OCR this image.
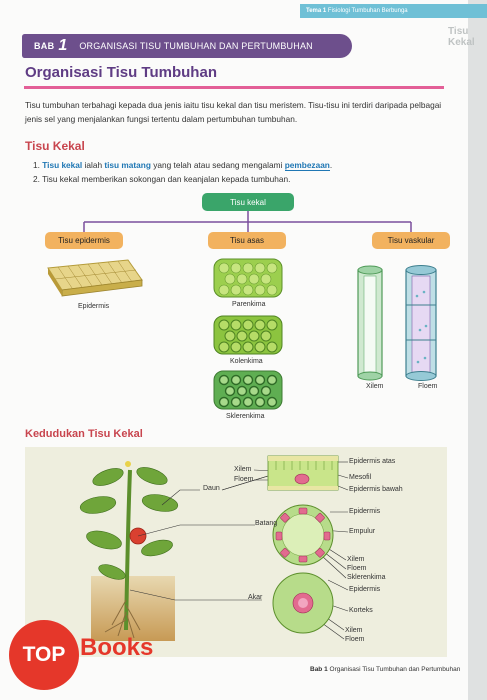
Tema 1 Fisiologi Tumbuhan Berbunga
Tisu Kekal
BAB 1 ORGANISASI TISU TUMBUHAN DAN PERTUMBUHAN
Organisasi Tisu Tumbuhan
Tisu tumbuhan terbahagi kepada dua jenis iaitu tisu kekal dan tisu meristem. Tisu-tisu ini terdiri daripada pelbagai jenis sel yang menjalankan fungsi tertentu dalam pertumbuhan tumbuhan.
Tisu Kekal
1. Tisu kekal ialah tisu matang yang telah atau sedang mengalami pembezaan.
2. Tisu kekal memberikan sokongan dan keanjalan kepada tumbuhan.
Tisu kekal
Tisu epidermis	Tisu asas	Tisu vaskular
Epidermis	Parenkima
Kolenkima
Sklerenkima
Xilem	Floem
Kedudukan Tisu Kekal
Daun
Batang
Akar
Xilem
Floem
Epidermis atas
Mesofil
Epidermis bawah
Epidermis
Empulur
Xilem
Floem
Sklerenkima
Epidermis
Korteks
Xilem
Floem
Bab 1 Organisasi Tisu Tumbuhan dan Pertumbuhan
TOP Books
